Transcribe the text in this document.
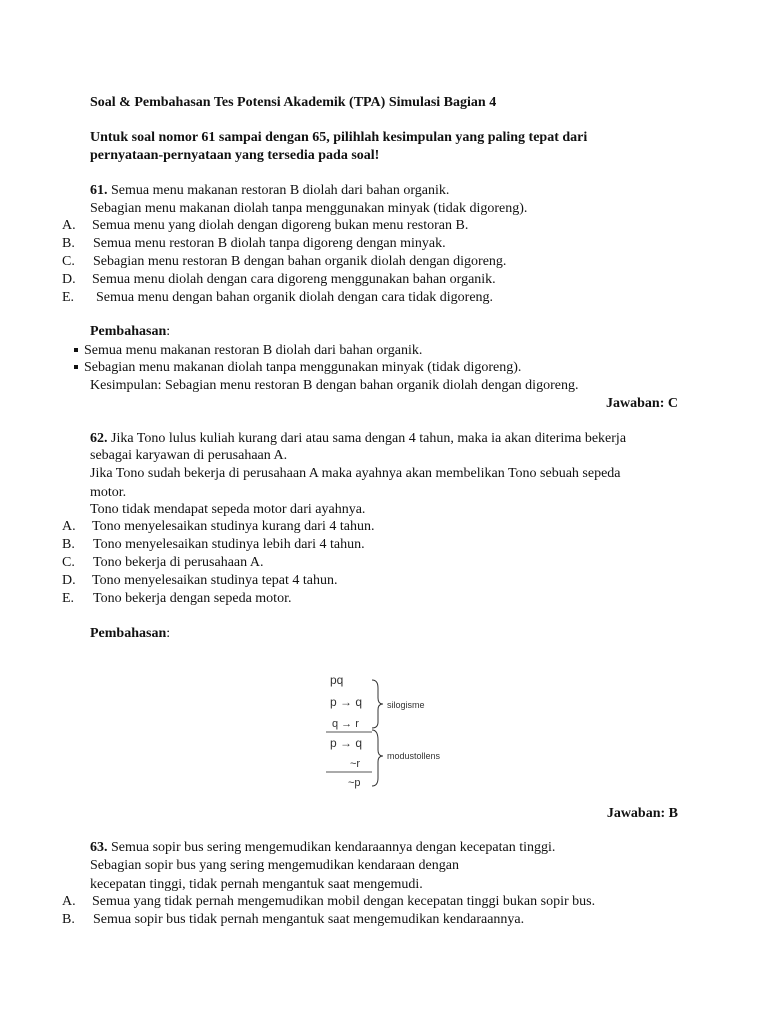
Soal & Pembahasan Tes Potensi Akademik (TPA) Simulasi Bagian 4
Untuk soal nomor 61 sampai dengan 65, pilihlah kesimpulan yang paling tepat dari
pernyataan-pernyataan yang tersedia pada soal!
61. Semua menu makanan restoran B diolah dari bahan organik.
Sebagian menu makanan diolah tanpa menggunakan minyak (tidak digoreng).
A. Semua menu yang diolah dengan digoreng bukan menu restoran B.
B. Semua menu restoran B diolah tanpa digoreng dengan minyak.
C. Sebagian menu restoran B dengan bahan organik diolah dengan digoreng.
D. Semua menu diolah dengan cara digoreng menggunakan bahan organik.
E. Semua menu dengan bahan organik diolah dengan cara tidak digoreng.
Pembahasan:
Semua menu makanan restoran B diolah dari bahan organik.
Sebagian menu makanan diolah tanpa menggunakan minyak (tidak digoreng).
Kesimpulan: Sebagian menu restoran B dengan bahan organik diolah dengan digoreng.
Jawaban: C
62. Jika Tono lulus kuliah kurang dari atau sama dengan 4 tahun, maka ia akan diterima bekerja
sebagai karyawan di perusahaan A.
Jika Tono sudah bekerja di perusahaan A maka ayahnya akan membelikan Tono sebuah sepeda
motor.
Tono tidak mendapat sepeda motor dari ayahnya.
A. Tono menyelesaikan studinya kurang dari 4 tahun.
B. Tono menyelesaikan studinya lebih dari 4 tahun.
C. Tono bekerja di perusahaan A.
D. Tono menyelesaikan studinya tepat 4 tahun.
E. Tono bekerja dengan sepeda motor.
Pembahasan:
pq
p → q
q → r
p → q
~r
~p
silogisme
modustollens
Jawaban: B
63. Semua sopir bus sering mengemudikan kendaraannya dengan kecepatan tinggi.
Sebagian sopir bus yang sering mengemudikan kendaraan dengan
kecepatan tinggi, tidak pernah mengantuk saat mengemudi.
A. Semua yang tidak pernah mengemudikan mobil dengan kecepatan tinggi bukan sopir bus.
B. Semua sopir bus tidak pernah mengantuk saat mengemudikan kendaraannya.
